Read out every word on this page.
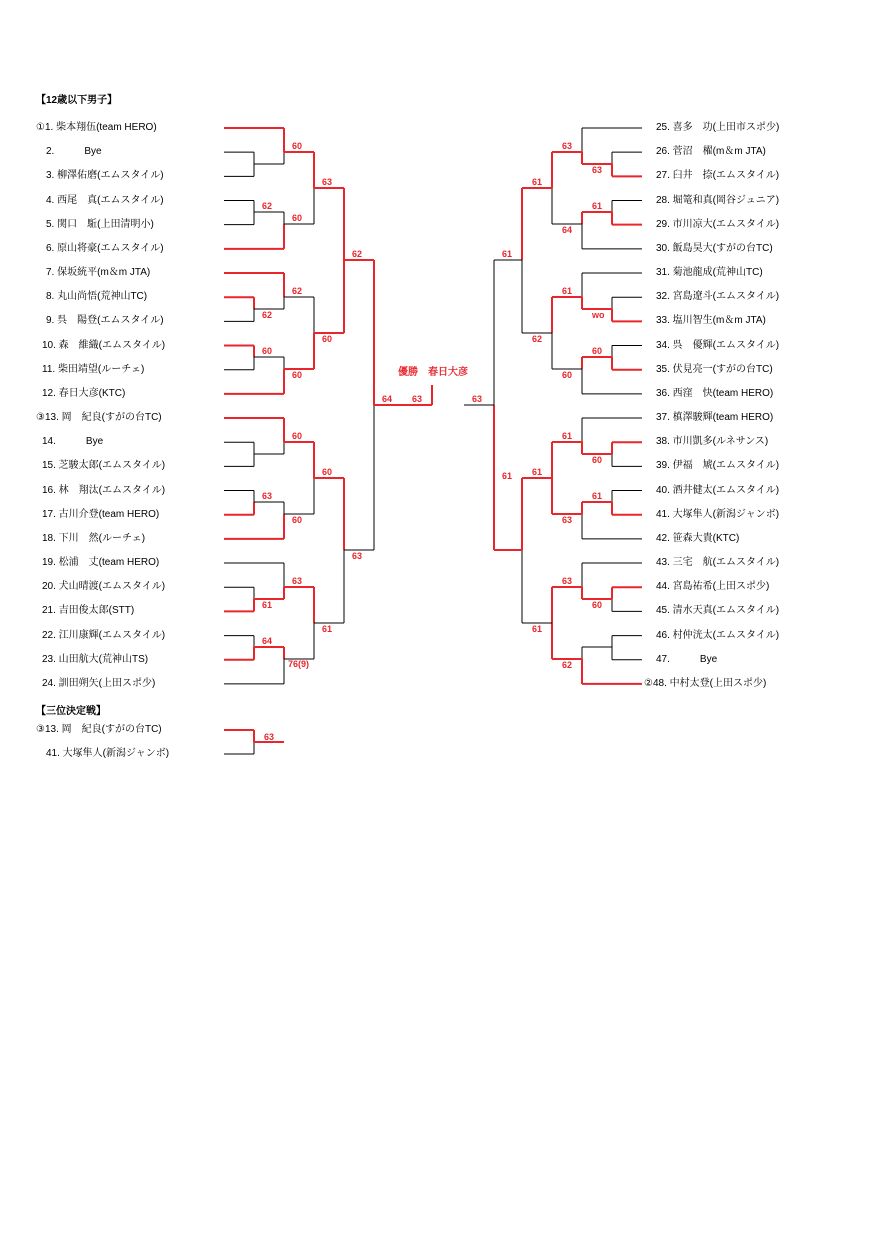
【12歳以下男子】
①1. 柴本翔伍(team HERO)
2.　　　Bye
3. 柳澤佑磨(エムスタイル)
4. 西尾　真(エムスタイル)
5. 関口　駈(上田清明小)
6. 原山将豪(エムスタイル)
7. 保坂統平(m＆m JTA)
8. 丸山尚悟(荒神山TC)
9. 呉　陽登(エムスタイル)
10. 森　維織(エムスタイル)
11. 柴田靖望(ルーチェ)
12. 春日大彦(KTC)
③13. 岡　紀良(すがの台TC)
14.　　　Bye
15. 芝駿太郎(エムスタイル)
16. 林　翔汰(エムスタイル)
17. 古川介登(team HERO)
18. 下川　然(ルーチェ)
19. 松浦　丈(team HERO)
20. 犬山晴渡(エムスタイル)
21. 吉田俊太郎(STT)
22. 江川康輝(エムスタイル)
23. 山田航大(荒神山TS)
24. 訓田朔矢(上田スポ少)
25. 喜多　功(上田市スポ少)
26. 菅沼　櫂(m＆m JTA)
27. 臼井　捺(エムスタイル)
28. 堀篭和真(岡谷ジュニア)
29. 市川凉大(エムスタイル)
30. 飯島昊大(すがの台TC)
31. 菊池龍成(荒神山TC)
32. 宮島遼斗(エムスタイル)
33. 塩川智生(m＆m JTA)
34. 呉　優輝(エムスタイル)
35. 伏見亮一(すがの台TC)
36. 西窪　快(team HERO)
37. 槙澤駿輝(team HERO)
38. 市川凱多(ルネサンス)
39. 伊福　虓(エムスタイル)
40. 酒井健太(エムスタイル)
41. 大塚隼人(新潟ジャンボ)
42. 笹森大貴(KTC)
43. 三宅　航(エムスタイル)
44. 宮島祐希(上田スポ少)
45. 清水天真(エムスタイル)
46. 村仲洸太(エムスタイル)
47.　　　Bye
②48. 中村太登(上田スポ少)
60
62
60
63
62
62
60
60
60
62
60
63
60
60
61
63
64
76(9)
61
63
64 63
63
63
61
64
61
wo
61
60
60
62
61
60
61
61
63
61
60
63
62
61
61
63
優勝　春日大彦
【三位決定戦】
③13. 岡　紀良(すがの台TC)
41. 大塚隼人(新潟ジャンボ)
63
